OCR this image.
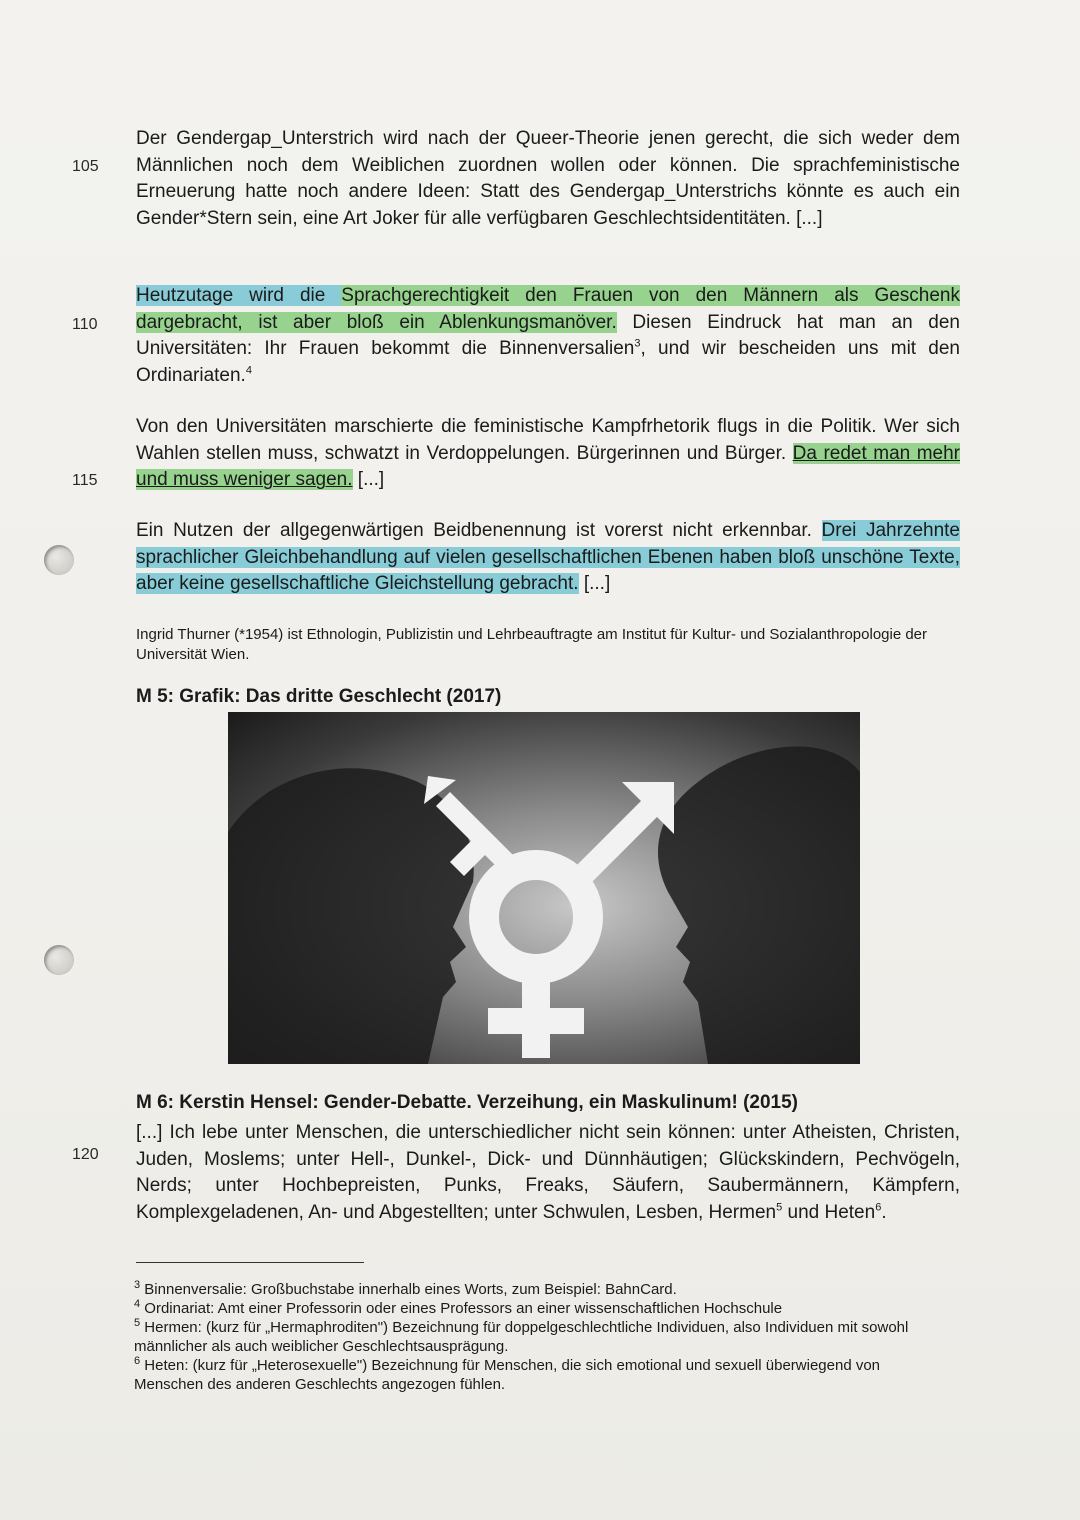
105
110
115
120
Der Gendergap_Unterstrich wird nach der Queer-Theorie jenen gerecht, die sich weder dem Männlichen noch dem Weiblichen zuordnen wollen oder können. Die sprachfeministische Erneuerung hatte noch andere Ideen: Statt des Gendergap_Unterstrichs könnte es auch ein Gender*Stern sein, eine Art Joker für alle verfügbaren Geschlechtsidentitäten. [...]
Heutzutage wird die Sprachgerechtigkeit den Frauen von den Männern als Geschenk dargebracht, ist aber bloß ein Ablenkungsmanöver. Diesen Eindruck hat man an den Universitäten: Ihr Frauen bekommt die Binnenversalien$^3$, und wir bescheiden uns mit den Ordinariaten.$^4$
Von den Universitäten marschierte die feministische Kampfrhetorik flugs in die Politik. Wer sich Wahlen stellen muss, schwatzt in Verdoppelungen. Bürgerinnen und Bürger. Da redet man mehr und muss weniger sagen. [...]
Ein Nutzen der allgegenwärtigen Beidbenennung ist vorerst nicht erkennbar. Drei Jahrzehnte sprachlicher Gleichbehandlung auf vielen gesellschaftlichen Ebenen haben bloß unschöne Texte, aber keine gesellschaftliche Gleichstellung gebracht. [...]
Ingrid Thurner (*1954) ist Ethnologin, Publizistin und Lehrbeauftragte am Institut für Kultur- und Sozialanthropologie der Universität Wien.
M 5: Grafik: Das dritte Geschlecht (2017)
M 6: Kerstin Hensel: Gender-Debatte. Verzeihung, ein Maskulinum! (2015)
[...] Ich lebe unter Menschen, die unterschiedlicher nicht sein können: unter Atheisten, Christen, Juden, Moslems; unter Hell-, Dunkel-, Dick- und Dünnhäutigen; Glückskindern, Pechvögeln, Nerds; unter Hochbepreisten, Punks, Freaks, Säufern, Saubermännern, Kämpfern, Komplexgeladenen, An- und Abgestellten; unter Schwulen, Lesben, Hermen$^5$ und Heten$^6$.
$^3$ Binnenversalie: Großbuchstabe innerhalb eines Worts, zum Beispiel: BahnCard.
$^4$ Ordinariat: Amt einer Professorin oder eines Professors an einer wissenschaftlichen Hochschule
$^5$ Hermen: (kurz für „Hermaphroditen") Bezeichnung für doppelgeschlechtliche Individuen, also Individuen mit sowohl männlicher als auch weiblicher Geschlechtsausprägung.
$^6$ Heten: (kurz für „Heterosexuelle") Bezeichnung für Menschen, die sich emotional und sexuell überwiegend von Menschen des anderen Geschlechts angezogen fühlen.
